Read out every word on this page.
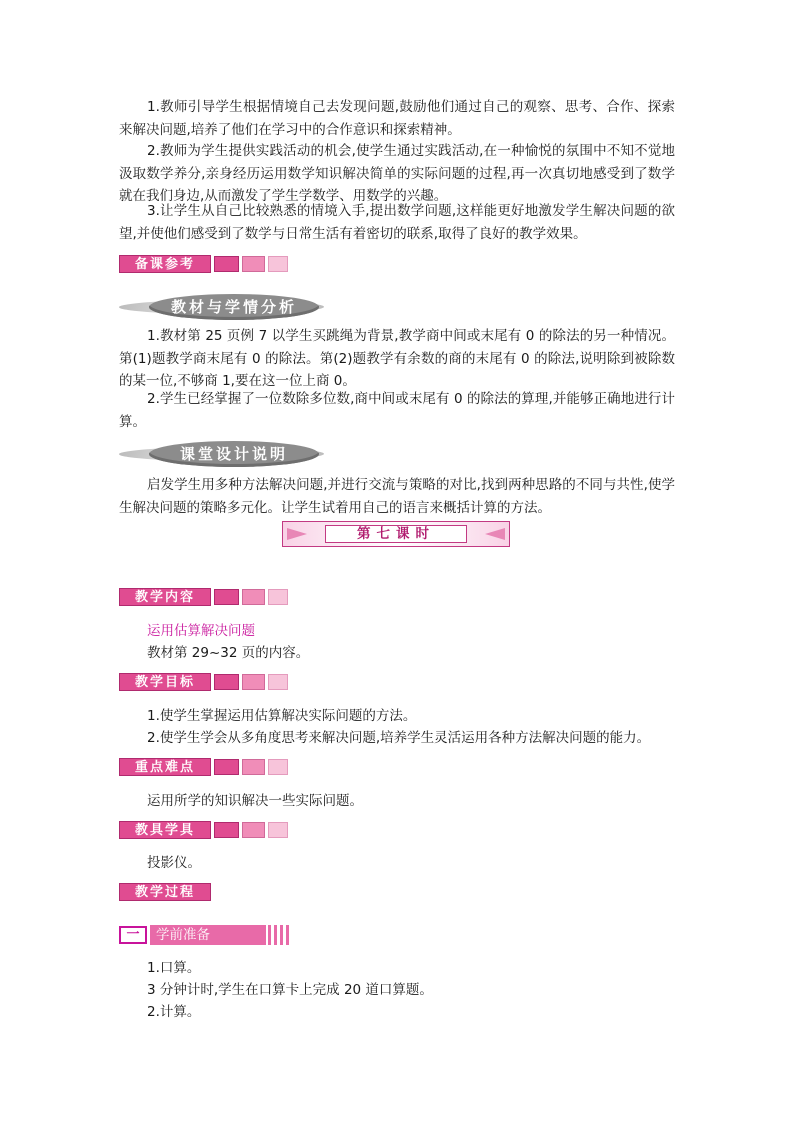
1.教师引导学生根据情境自己去发现问题,鼓励他们通过自己的观察、思考、合作、探索来解决问题,培养了他们在学习中的合作意识和探索精神。

2.教师为学生提供实践活动的机会,使学生通过实践活动,在一种愉悦的氛围中不知不觉地汲取数学养分,亲身经历运用数学知识解决简单的实际问题的过程,再一次真切地感受到了数学就在我们身边,从而激发了学生学数学、用数学的兴趣。

3.让学生从自己比较熟悉的情境入手,提出数学问题,这样能更好地激发学生解决问题的欲望,并使他们感受到了数学与日常生活有着密切的联系,取得了良好的教学效果。

备课参考
教材与学情分析

1.教材第 25 页例 7 以学生买跳绳为背景,教学商中间或末尾有 0 的除法的另一种情况。第(1)题教学商末尾有 0 的除法。第(2)题教学有余数的商的末尾有 0 的除法,说明除到被除数的某一位,不够商 1,要在这一位上商 0。

2.学生已经掌握了一位数除多位数,商中间或末尾有 0 的除法的算理,并能够正确地进行计算。

课堂设计说明

启发学生用多种方法解决问题,并进行交流与策略的对比,找到两种思路的不同与共性,使学生解决问题的策略多元化。让学生试着用自己的语言来概括计算的方法。

第七课时
教学内容

运用估算解决问题

教材第 29~32 页的内容。

教学目标

1.使学生掌握运用估算解决实际问题的方法。

2.使学生学会从多角度思考来解决问题,培养学生灵活运用各种方法解决问题的能力。

重点难点

运用所学的知识解决一些实际问题。

教具学具

投影仪。

教学过程
一	学前准备

1.口算。

3 分钟计时,学生在口算卡上完成 20 道口算题。

2.计算。
